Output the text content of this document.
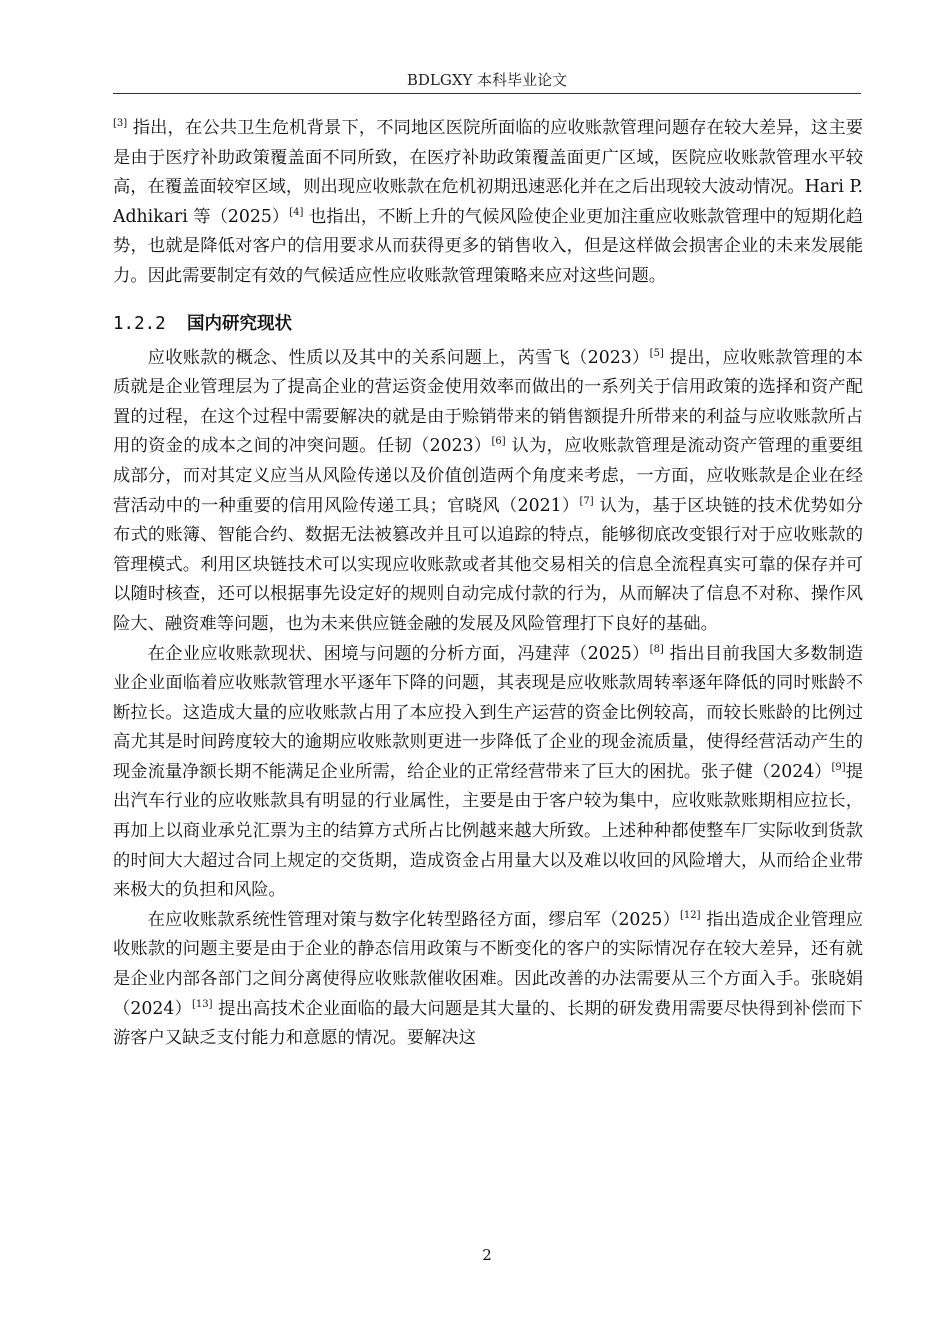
BDLGXY 本科毕业论文

[3] 指出，在公共卫生危机背景下，不同地区医院所面临的应收账款管理问题存在较大差异，这主要是由于医疗补助政策覆盖面不同所致，在医疗补助政策覆盖面更广区域，医院应收账款管理水平较高，在覆盖面较窄区域，则出现应收账款在危机初期迅速恶化并在之后出现较大波动情况。Hari P. Adhikari 等（2025）[4] 也指出，不断上升的气候风险使企业更加注重应收账款管理中的短期化趋势，也就是降低对客户的信用要求从而获得更多的销售收入，但是这样做会损害企业的未来发展能力。因此需要制定有效的气候适应性应收账款管理策略来应对这些问题。

1.2.2 国内研究现状

应收账款的概念、性质以及其中的关系问题上，芮雪飞（2023）[5] 提出，应收账款管理的本质就是企业管理层为了提高企业的营运资金使用效率而做出的一系列关于信用政策的选择和资产配置的过程，在这个过程中需要解决的就是由于赊销带来的销售额提升所带来的利益与应收账款所占用的资金的成本之间的冲突问题。任韧（2023）[6] 认为，应收账款管理是流动资产管理的重要组成部分，而对其定义应当从风险传递以及价值创造两个角度来考虑，一方面，应收账款是企业在经营活动中的一种重要的信用风险传递工具；官晓风（2021）[7] 认为，基于区块链的技术优势如分布式的账簿、智能合约、数据无法被篡改并且可以追踪的特点，能够彻底改变银行对于应收账款的管理模式。利用区块链技术可以实现应收账款或者其他交易相关的信息全流程真实可靠的保存并可以随时核查，还可以根据事先设定好的规则自动完成付款的行为，从而解决了信息不对称、操作风险大、融资难等问题，也为未来供应链金融的发展及风险管理打下良好的基础。

在企业应收账款现状、困境与问题的分析方面，冯建萍（2025）[8] 指出目前我国大多数制造业企业面临着应收账款管理水平逐年下降的问题，其表现是应收账款周转率逐年降低的同时账龄不断拉长。这造成大量的应收账款占用了本应投入到生产运营的资金比例较高，而较长账龄的比例过高尤其是时间跨度较大的逾期应收账款则更进一步降低了企业的现金流质量，使得经营活动产生的现金流量净额长期不能满足企业所需，给企业的正常经营带来了巨大的困扰。张子健（2024）[9]提出汽车行业的应收账款具有明显的行业属性，主要是由于客户较为集中，应收账款账期相应拉长，再加上以商业承兑汇票为主的结算方式所占比例越来越大所致。上述种种都使整车厂实际收到货款的时间大大超过合同上规定的交货期，造成资金占用量大以及难以收回的风险增大，从而给企业带来极大的负担和风险。

在应收账款系统性管理对策与数字化转型路径方面，缪启军（2025）[12] 指出造成企业管理应收账款的问题主要是由于企业的静态信用政策与不断变化的客户的实际情况存在较大差异，还有就是企业内部各部门之间分离使得应收账款催收困难。因此改善的办法需要从三个方面入手。张晓娟（2024）[13] 提出高技术企业面临的最大问题是其大量的、长期的研发费用需要尽快得到补偿而下游客户又缺乏支付能力和意愿的情况。要解决这

2
